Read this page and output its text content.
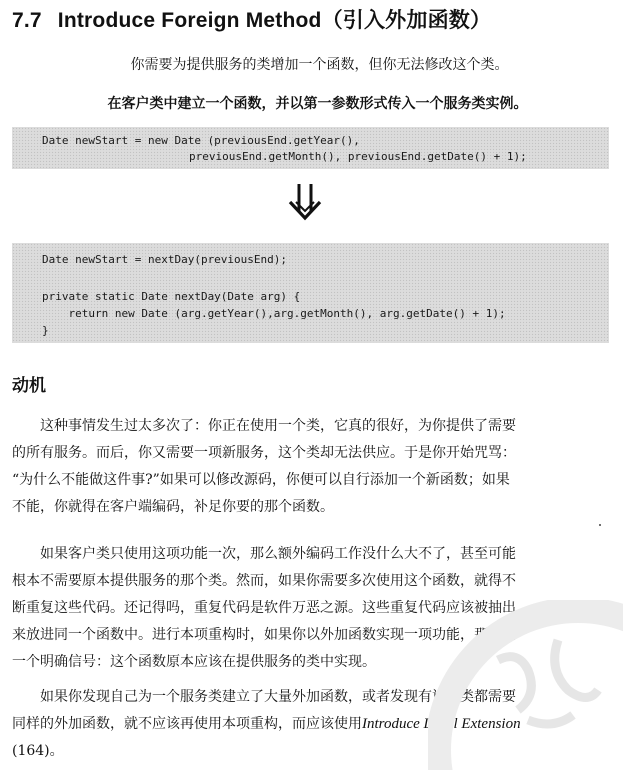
7.7 Introduce Foreign Method（引入外加函数）
你需要为提供服务的类增加一个函数，但你无法修改这个类。
在客户类中建立一个函数，并以第一参数形式传入一个服务类实例。

Date newStart = new Date (previousEnd.getYear(),

previousEnd.getMonth(), previousEnd.getDate() + 1);

Date newStart = nextDay(previousEnd);

private static Date nextDay(Date arg) {

return new Date (arg.getYear(),arg.getMonth(), arg.getDate() + 1);

}

动机
这种事情发生过太多次了：你正在使用一个类，它真的很好，为你提供了需要
的所有服务。而后，你又需要一项新服务，这个类却无法供应。于是你开始咒骂：
“为什么不能做这件事?”如果可以修改源码，你便可以自行添加一个新函数；如果
不能，你就得在客户端编码，补足你要的那个函数。
如果客户类只使用这项功能一次，那么额外编码工作没什么大不了，甚至可能
根本不需要原本提供服务的那个类。然而，如果你需要多次使用这个函数，就得不
断重复这些代码。还记得吗，重复代码是软件万恶之源。这些重复代码应该被抽出
来放进同一个函数中。进行本项重构时，如果你以外加函数实现一项功能，那就是
一个明确信号：这个函数原本应该在提供服务的类中实现。
如果你发现自己为一个服务类建立了大量外加函数，或者发现有许多类都需要
同样的外加函数，就不应该再使用本项重构，而应该使用Introduce Local Extension
(164)。
